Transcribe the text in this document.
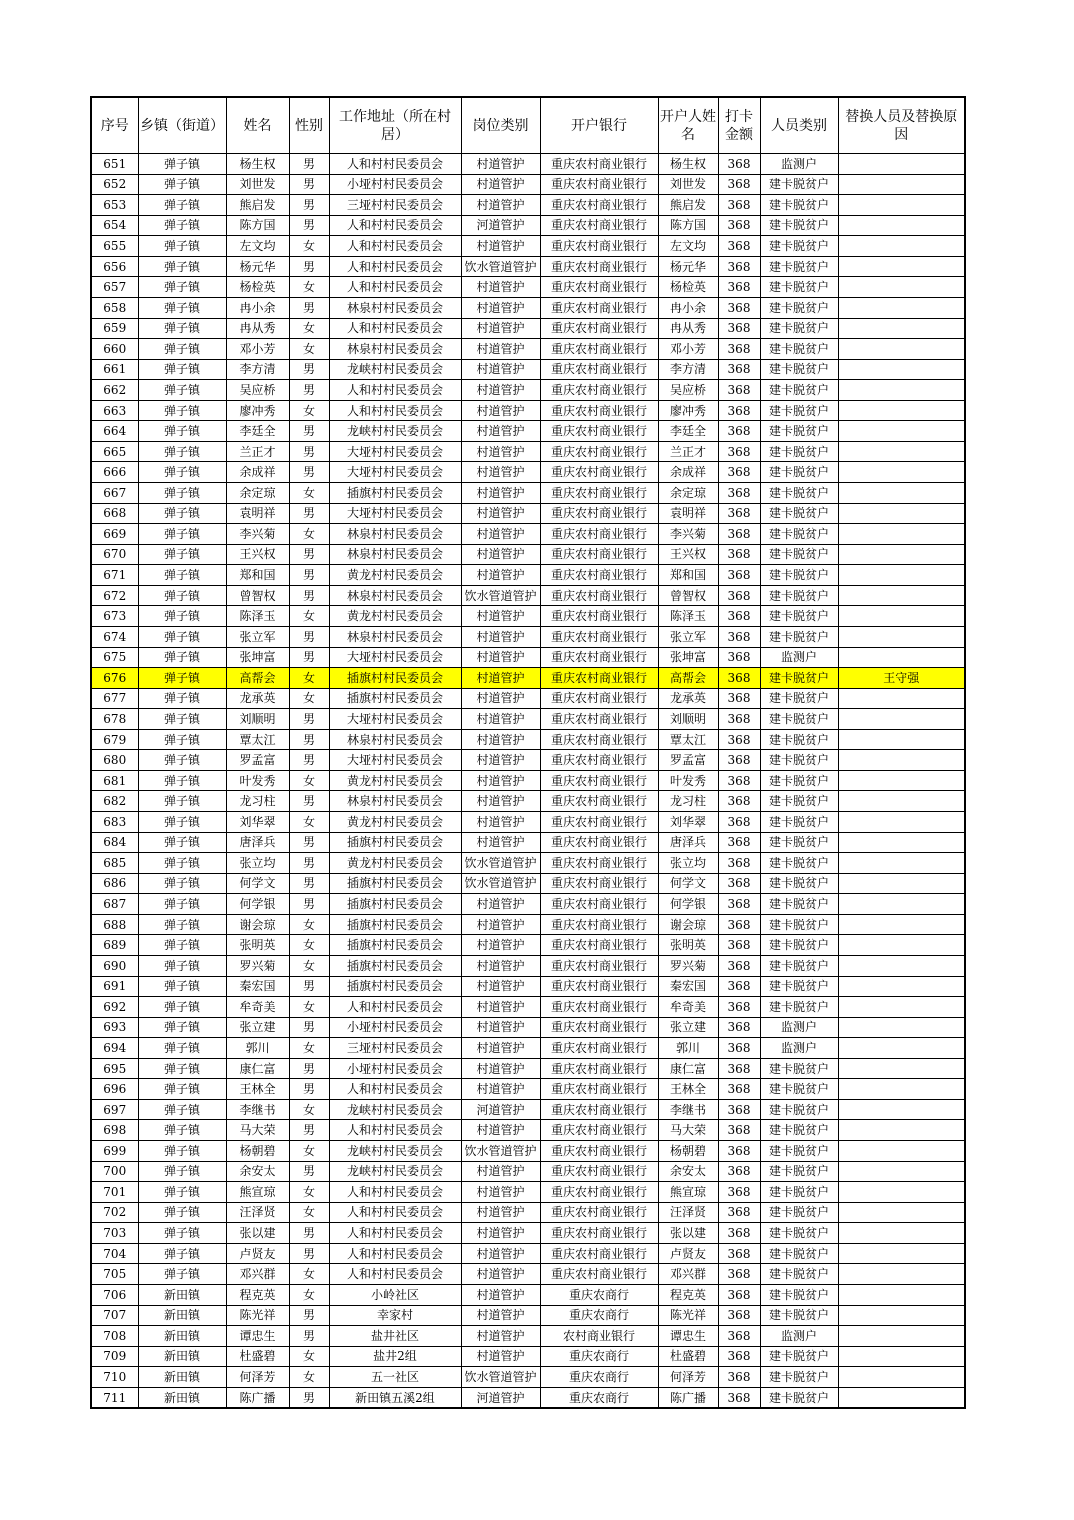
序号	乡镇（街道）	姓名	性别	工作地址（所在村居）	岗位类别	开户银行	开户人姓名	打卡金额	人员类别	替换人员及替换原因
651	弹子镇	杨生权	男	人和村村民委员会	村道管护	重庆农村商业银行	杨生权	368	监测户	
652	弹子镇	刘世发	男	小垭村村民委员会	村道管护	重庆农村商业银行	刘世发	368	建卡脱贫户	
653	弹子镇	熊启发	男	三垭村村民委员会	村道管护	重庆农村商业银行	熊启发	368	建卡脱贫户	
654	弹子镇	陈方国	男	人和村村民委员会	河道管护	重庆农村商业银行	陈方国	368	建卡脱贫户	
655	弹子镇	左文均	女	人和村村民委员会	村道管护	重庆农村商业银行	左文均	368	建卡脱贫户	
656	弹子镇	杨元华	男	人和村村民委员会	饮水管道管护	重庆农村商业银行	杨元华	368	建卡脱贫户	
657	弹子镇	杨检英	女	人和村村民委员会	村道管护	重庆农村商业银行	杨检英	368	建卡脱贫户	
658	弹子镇	冉小余	男	林泉村村民委员会	村道管护	重庆农村商业银行	冉小余	368	建卡脱贫户	
659	弹子镇	冉从秀	女	人和村村民委员会	村道管护	重庆农村商业银行	冉从秀	368	建卡脱贫户	
660	弹子镇	邓小芳	女	林泉村村民委员会	村道管护	重庆农村商业银行	邓小芳	368	建卡脱贫户	
661	弹子镇	李方清	男	龙峡村村民委员会	村道管护	重庆农村商业银行	李方清	368	建卡脱贫户	
662	弹子镇	吴应桥	男	人和村村民委员会	村道管护	重庆农村商业银行	吴应桥	368	建卡脱贫户	
663	弹子镇	廖冲秀	女	人和村村民委员会	村道管护	重庆农村商业银行	廖冲秀	368	建卡脱贫户	
664	弹子镇	李廷全	男	龙峡村村民委员会	村道管护	重庆农村商业银行	李廷全	368	建卡脱贫户	
665	弹子镇	兰正才	男	大垭村村民委员会	村道管护	重庆农村商业银行	兰正才	368	建卡脱贫户	
666	弹子镇	余成祥	男	大垭村村民委员会	村道管护	重庆农村商业银行	余成祥	368	建卡脱贫户	
667	弹子镇	余定琼	女	插旗村村民委员会	村道管护	重庆农村商业银行	余定琼	368	建卡脱贫户	
668	弹子镇	袁明祥	男	大垭村村民委员会	村道管护	重庆农村商业银行	袁明祥	368	建卡脱贫户	
669	弹子镇	李兴菊	女	林泉村村民委员会	村道管护	重庆农村商业银行	李兴菊	368	建卡脱贫户	
670	弹子镇	王兴权	男	林泉村村民委员会	村道管护	重庆农村商业银行	王兴权	368	建卡脱贫户	
671	弹子镇	郑和国	男	黄龙村村民委员会	村道管护	重庆农村商业银行	郑和国	368	建卡脱贫户	
672	弹子镇	曾智权	男	林泉村村民委员会	饮水管道管护	重庆农村商业银行	曾智权	368	建卡脱贫户	
673	弹子镇	陈泽玉	女	黄龙村村民委员会	村道管护	重庆农村商业银行	陈泽玉	368	建卡脱贫户	
674	弹子镇	张立军	男	林泉村村民委员会	村道管护	重庆农村商业银行	张立军	368	建卡脱贫户	
675	弹子镇	张坤富	男	大垭村村民委员会	村道管护	重庆农村商业银行	张坤富	368	监测户	
676	弹子镇	高帮会	女	插旗村村民委员会	村道管护	重庆农村商业银行	高帮会	368	建卡脱贫户	王守强
677	弹子镇	龙承英	女	插旗村村民委员会	村道管护	重庆农村商业银行	龙承英	368	建卡脱贫户	
678	弹子镇	刘顺明	男	大垭村村民委员会	村道管护	重庆农村商业银行	刘顺明	368	建卡脱贫户	
679	弹子镇	覃太江	男	林泉村村民委员会	村道管护	重庆农村商业银行	覃太江	368	建卡脱贫户	
680	弹子镇	罗孟富	男	大垭村村民委员会	村道管护	重庆农村商业银行	罗孟富	368	建卡脱贫户	
681	弹子镇	叶发秀	女	黄龙村村民委员会	村道管护	重庆农村商业银行	叶发秀	368	建卡脱贫户	
682	弹子镇	龙习柱	男	林泉村村民委员会	村道管护	重庆农村商业银行	龙习柱	368	建卡脱贫户	
683	弹子镇	刘华翠	女	黄龙村村民委员会	村道管护	重庆农村商业银行	刘华翠	368	建卡脱贫户	
684	弹子镇	唐泽兵	男	插旗村村民委员会	村道管护	重庆农村商业银行	唐泽兵	368	建卡脱贫户	
685	弹子镇	张立均	男	黄龙村村民委员会	饮水管道管护	重庆农村商业银行	张立均	368	建卡脱贫户	
686	弹子镇	何学文	男	插旗村村民委员会	饮水管道管护	重庆农村商业银行	何学文	368	建卡脱贫户	
687	弹子镇	何学银	男	插旗村村民委员会	村道管护	重庆农村商业银行	何学银	368	建卡脱贫户	
688	弹子镇	谢会琼	女	插旗村村民委员会	村道管护	重庆农村商业银行	谢会琼	368	建卡脱贫户	
689	弹子镇	张明英	女	插旗村村民委员会	村道管护	重庆农村商业银行	张明英	368	建卡脱贫户	
690	弹子镇	罗兴菊	女	插旗村村民委员会	村道管护	重庆农村商业银行	罗兴菊	368	建卡脱贫户	
691	弹子镇	秦宏国	男	插旗村村民委员会	村道管护	重庆农村商业银行	秦宏国	368	建卡脱贫户	
692	弹子镇	牟奇美	女	人和村村民委员会	村道管护	重庆农村商业银行	牟奇美	368	建卡脱贫户	
693	弹子镇	张立建	男	小垭村村民委员会	村道管护	重庆农村商业银行	张立建	368	监测户	
694	弹子镇	郭川	女	三垭村村民委员会	村道管护	重庆农村商业银行	郭川	368	监测户	
695	弹子镇	康仁富	男	小垭村村民委员会	村道管护	重庆农村商业银行	康仁富	368	建卡脱贫户	
696	弹子镇	王林全	男	人和村村民委员会	村道管护	重庆农村商业银行	王林全	368	建卡脱贫户	
697	弹子镇	李继书	女	龙峡村村民委员会	河道管护	重庆农村商业银行	李继书	368	建卡脱贫户	
698	弹子镇	马大荣	男	人和村村民委员会	村道管护	重庆农村商业银行	马大荣	368	建卡脱贫户	
699	弹子镇	杨朝碧	女	龙峡村村民委员会	饮水管道管护	重庆农村商业银行	杨朝碧	368	建卡脱贫户	
700	弹子镇	余安太	男	龙峡村村民委员会	村道管护	重庆农村商业银行	余安太	368	建卡脱贫户	
701	弹子镇	熊宣琼	女	人和村村民委员会	村道管护	重庆农村商业银行	熊宣琼	368	建卡脱贫户	
702	弹子镇	汪泽贤	女	人和村村民委员会	村道管护	重庆农村商业银行	汪泽贤	368	建卡脱贫户	
703	弹子镇	张以建	男	人和村村民委员会	村道管护	重庆农村商业银行	张以建	368	建卡脱贫户	
704	弹子镇	卢贤友	男	人和村村民委员会	村道管护	重庆农村商业银行	卢贤友	368	建卡脱贫户	
705	弹子镇	邓兴群	女	人和村村民委员会	村道管护	重庆农村商业银行	邓兴群	368	建卡脱贫户	
706	新田镇	程克英	女	小岭社区	村道管护	重庆农商行	程克英	368	建卡脱贫户	
707	新田镇	陈光祥	男	幸家村	村道管护	重庆农商行	陈光祥	368	建卡脱贫户	
708	新田镇	谭忠生	男	盐井社区	村道管护	农村商业银行	谭忠生	368	监测户	
709	新田镇	杜盛碧	女	盐井2组	村道管护	重庆农商行	杜盛碧	368	建卡脱贫户	
710	新田镇	何泽芳	女	五一社区	饮水管道管护	重庆农商行	何泽芳	368	建卡脱贫户	
711	新田镇	陈广播	男	新田镇五溪2组	河道管护	重庆农商行	陈广播	368	建卡脱贫户	
